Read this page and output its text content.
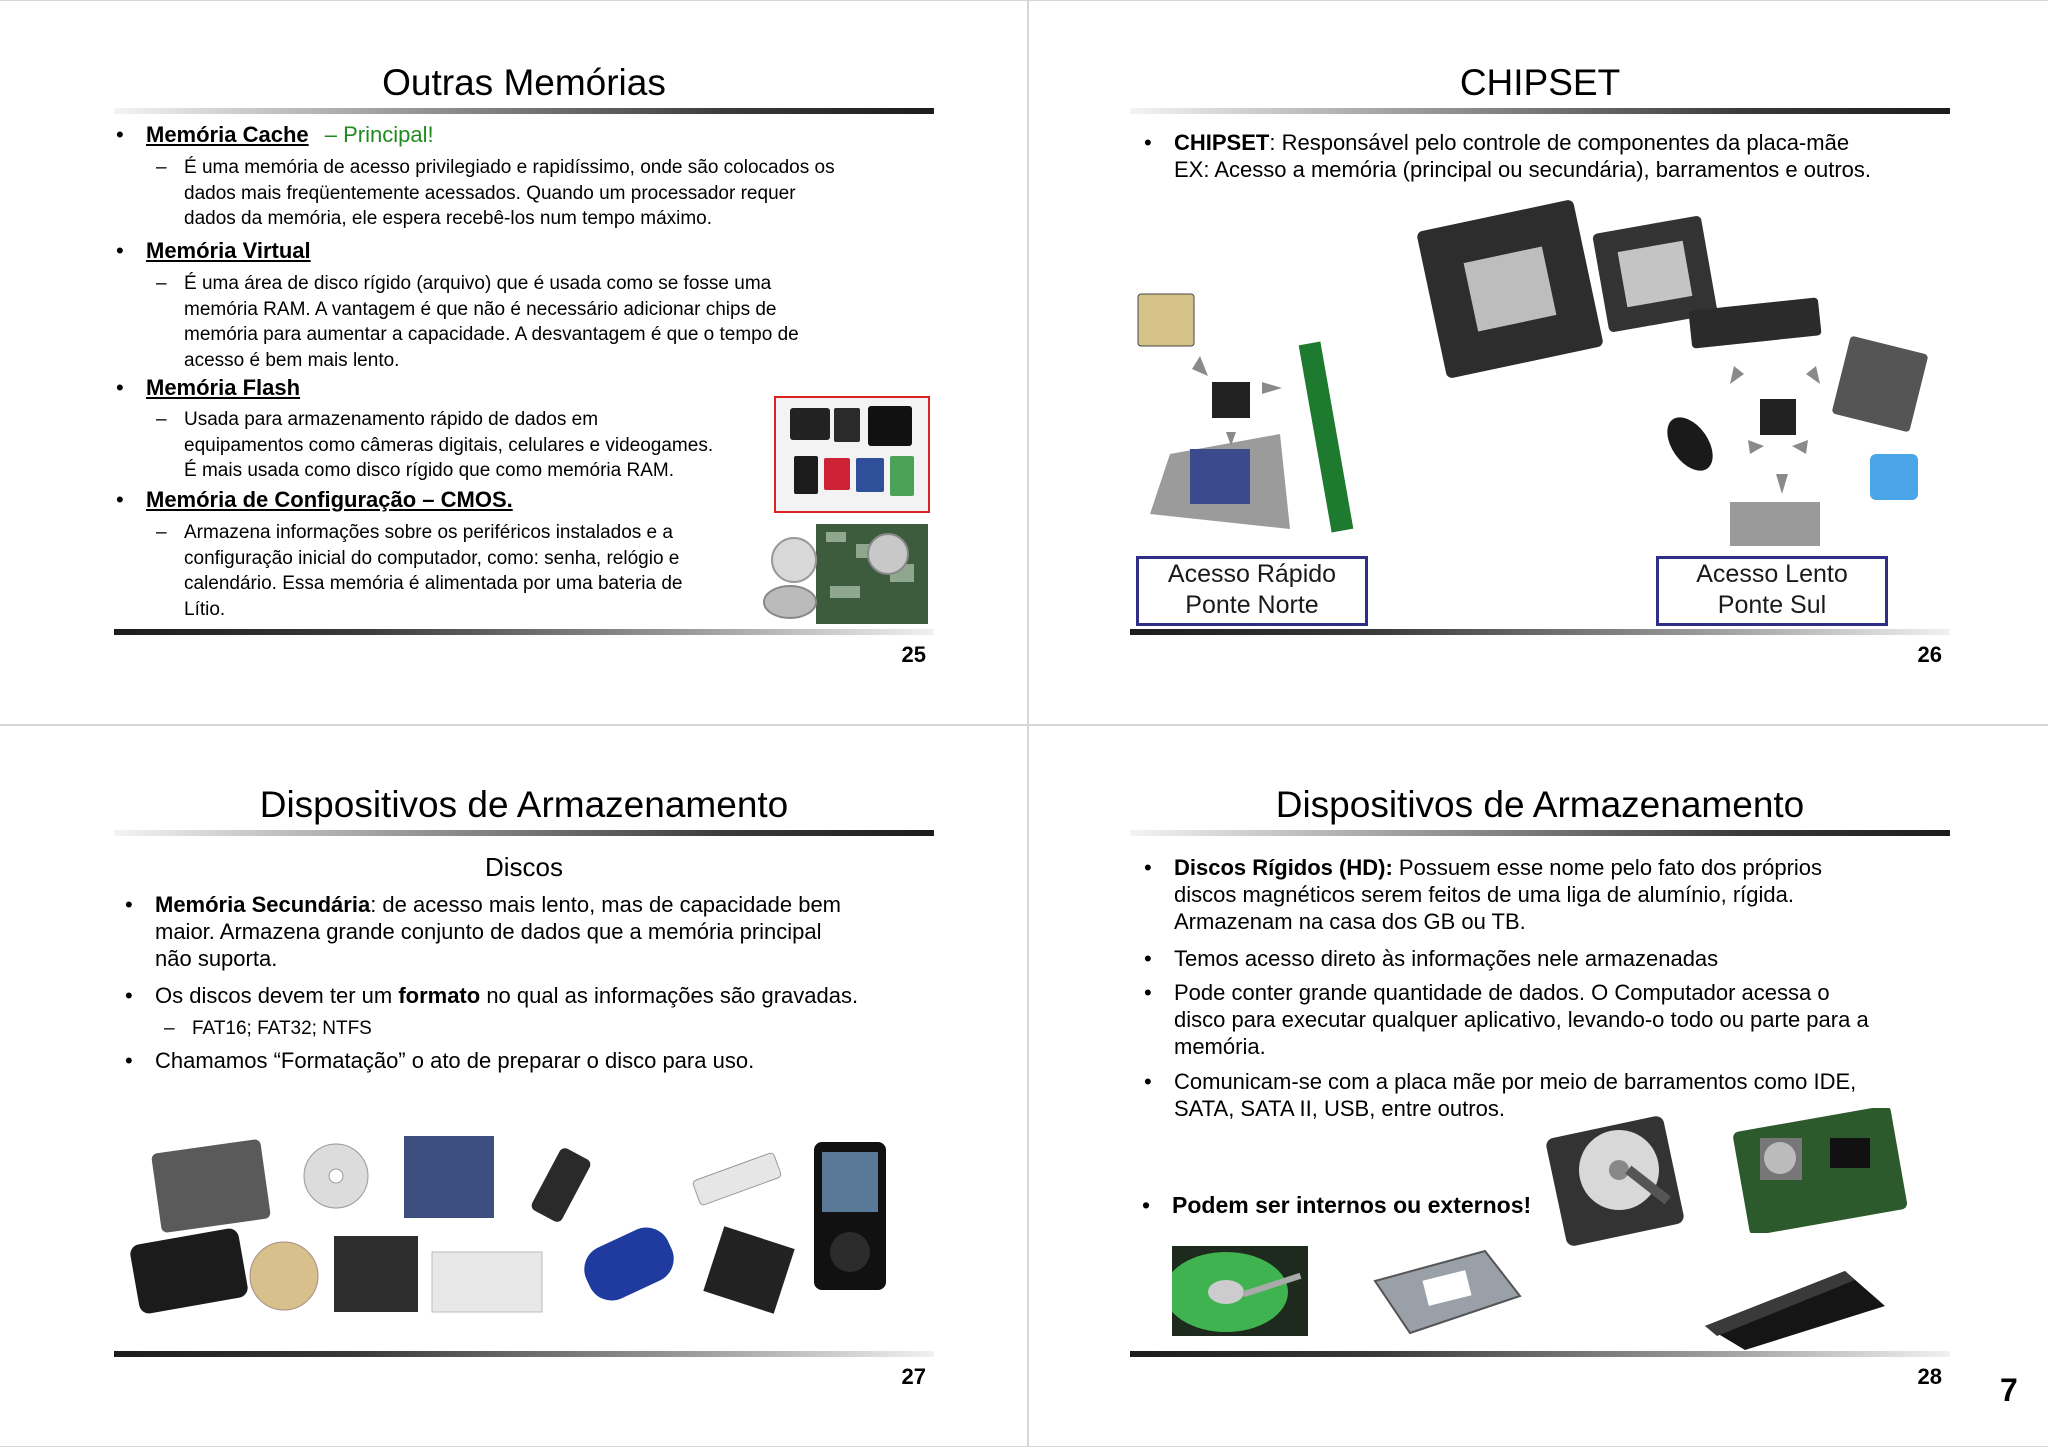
Outras Memórias
• Memória Cache – Principal!
– É uma memória de acesso privilegiado e rapidíssimo, onde são colocados os
dados mais freqüentemente acessados. Quando um processador requer
dados da memória, ele espera recebê-los num tempo máximo.
• Memória Virtual
– É uma área de disco rígido (arquivo) que é usada como se fosse uma
memória RAM. A vantagem é que não é necessário adicionar chips de
memória para aumentar a capacidade. A desvantagem é que o tempo de
acesso é bem mais lento.
• Memória Flash
– Usada para armazenamento rápido de dados em
equipamentos como câmeras digitais, celulares e videogames.
É mais usada como disco rígido que como memória RAM.
• Memória de Configuração – CMOS.
– Armazena informações sobre os periféricos instalados e a
configuração inicial do computador, como: senha, relógio e
calendário. Essa memória é alimentada por uma bateria de
Lítio.
25
CHIPSET
• CHIPSET: Responsável pelo controle de componentes da placa-mãe
EX: Acesso a memória (principal ou secundária), barramentos e outros.
Acesso Rápido
Ponte Norte
Acesso Lento
Ponte Sul
26
Dispositivos de Armazenamento
Discos
• Memória Secundária: de acesso mais lento, mas de capacidade bem
maior. Armazena grande conjunto de dados que a memória principal
não suporta.
• Os discos devem ter um formato no qual as informações são gravadas.
– FAT16; FAT32; NTFS
• Chamamos “Formatação” o ato de preparar o disco para uso.
27
Dispositivos de Armazenamento
• Discos Rígidos (HD): Possuem esse nome pelo fato dos próprios
discos magnéticos serem feitos de uma liga de alumínio, rígida.
Armazenam na casa dos GB ou TB.
• Temos acesso direto às informações nele armazenadas
• Pode conter grande quantidade de dados. O Computador acessa o
disco para executar qualquer aplicativo, levando-o todo ou parte para a
memória.
• Comunicam-se com a placa mãe por meio de barramentos como IDE,
SATA, SATA II, USB, entre outros.
• Podem ser internos ou externos!
28 7
